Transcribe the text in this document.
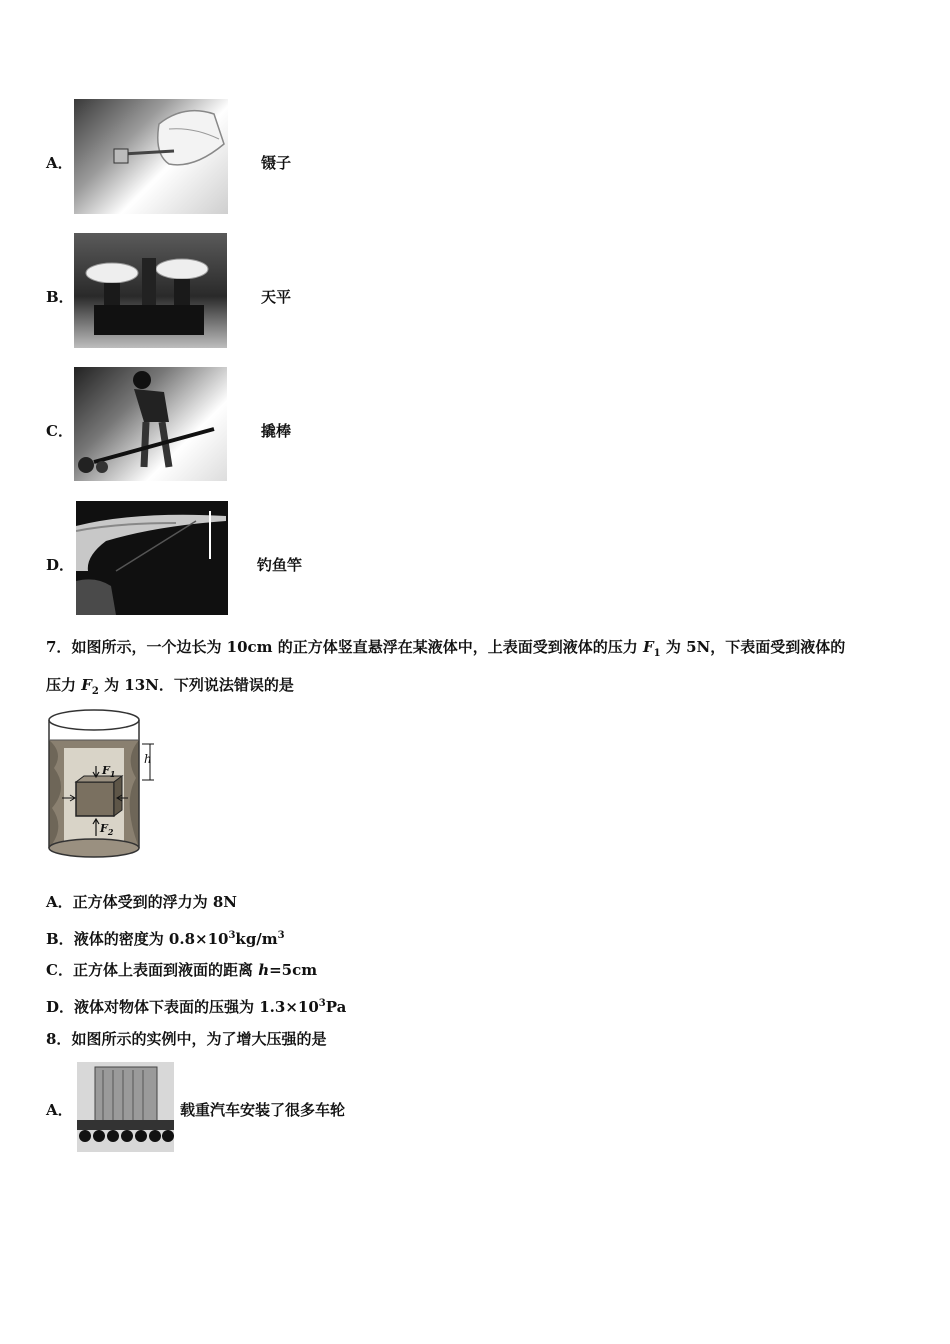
A．	镊子
B．	天平
C．	撬棒
D．	钓鱼竿
7．如图所示，一个边长为 10cm 的正方体竖直悬浮在某液体中，上表面受到液体的压力 $F_1$ 为 5N，下表面受到液体的
压力 $F_2$ 为 13N．下列说法错误的是
h
$F_1$
$F_2$
A．正方体受到的浮力为 8N
B．液体的密度为 $0.8\times 10^3kg/m^3$
C．正方体上表面到液面的距离 h=5cm
D．液体对物体下表面的压强为 $1.3\times 10^3Pa$
8．如图所示的实例中，为了增大压强的是
A．	载重汽车安装了很多车轮
